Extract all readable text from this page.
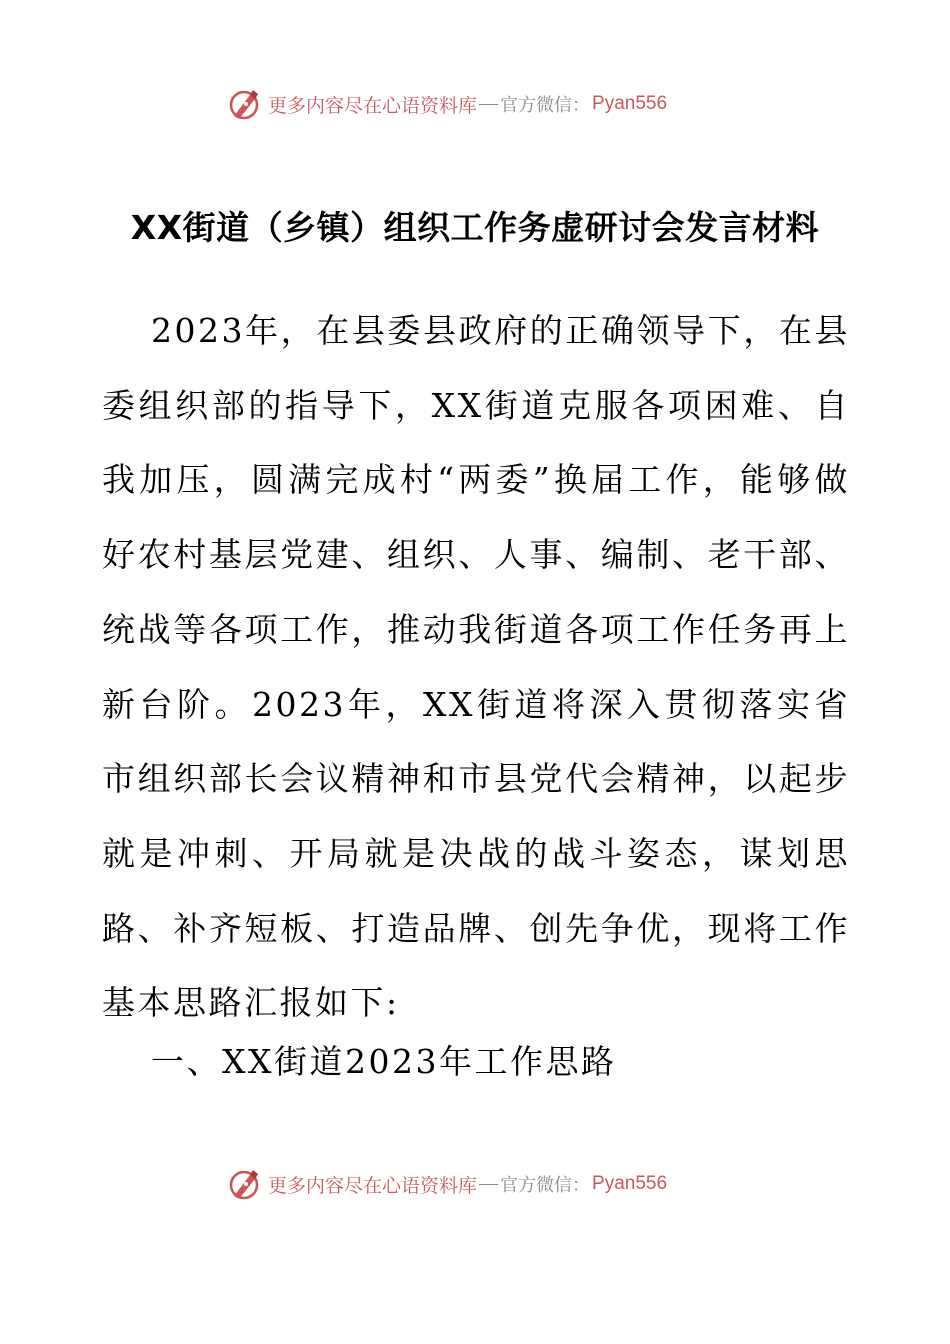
更多内容尽在心语资料库 — 官方微信： Pyan556
XX街道（乡镇）组织工作务虚研讨会发言材料

2023年，在县委县政府的正确领导下，在县委组织部的指导下，XX街道克服各项困难、自我加压，圆满完成村“两委”换届工作，能够做好农村基层党建、组织、人事、编制、老干部、统战等各项工作，推动我街道各项工作任务再上新台阶。2023年，XX街道将深入贯彻落实省市组织部长会议精神和市县党代会精神，以起步就是冲刺、开局就是决战的战斗姿态，谋划思路、补齐短板、打造品牌、创先争优，现将工作基本思路汇报如下:

一、XX街道2023年工作思路

更多内容尽在心语资料库 — 官方微信： Pyan556
